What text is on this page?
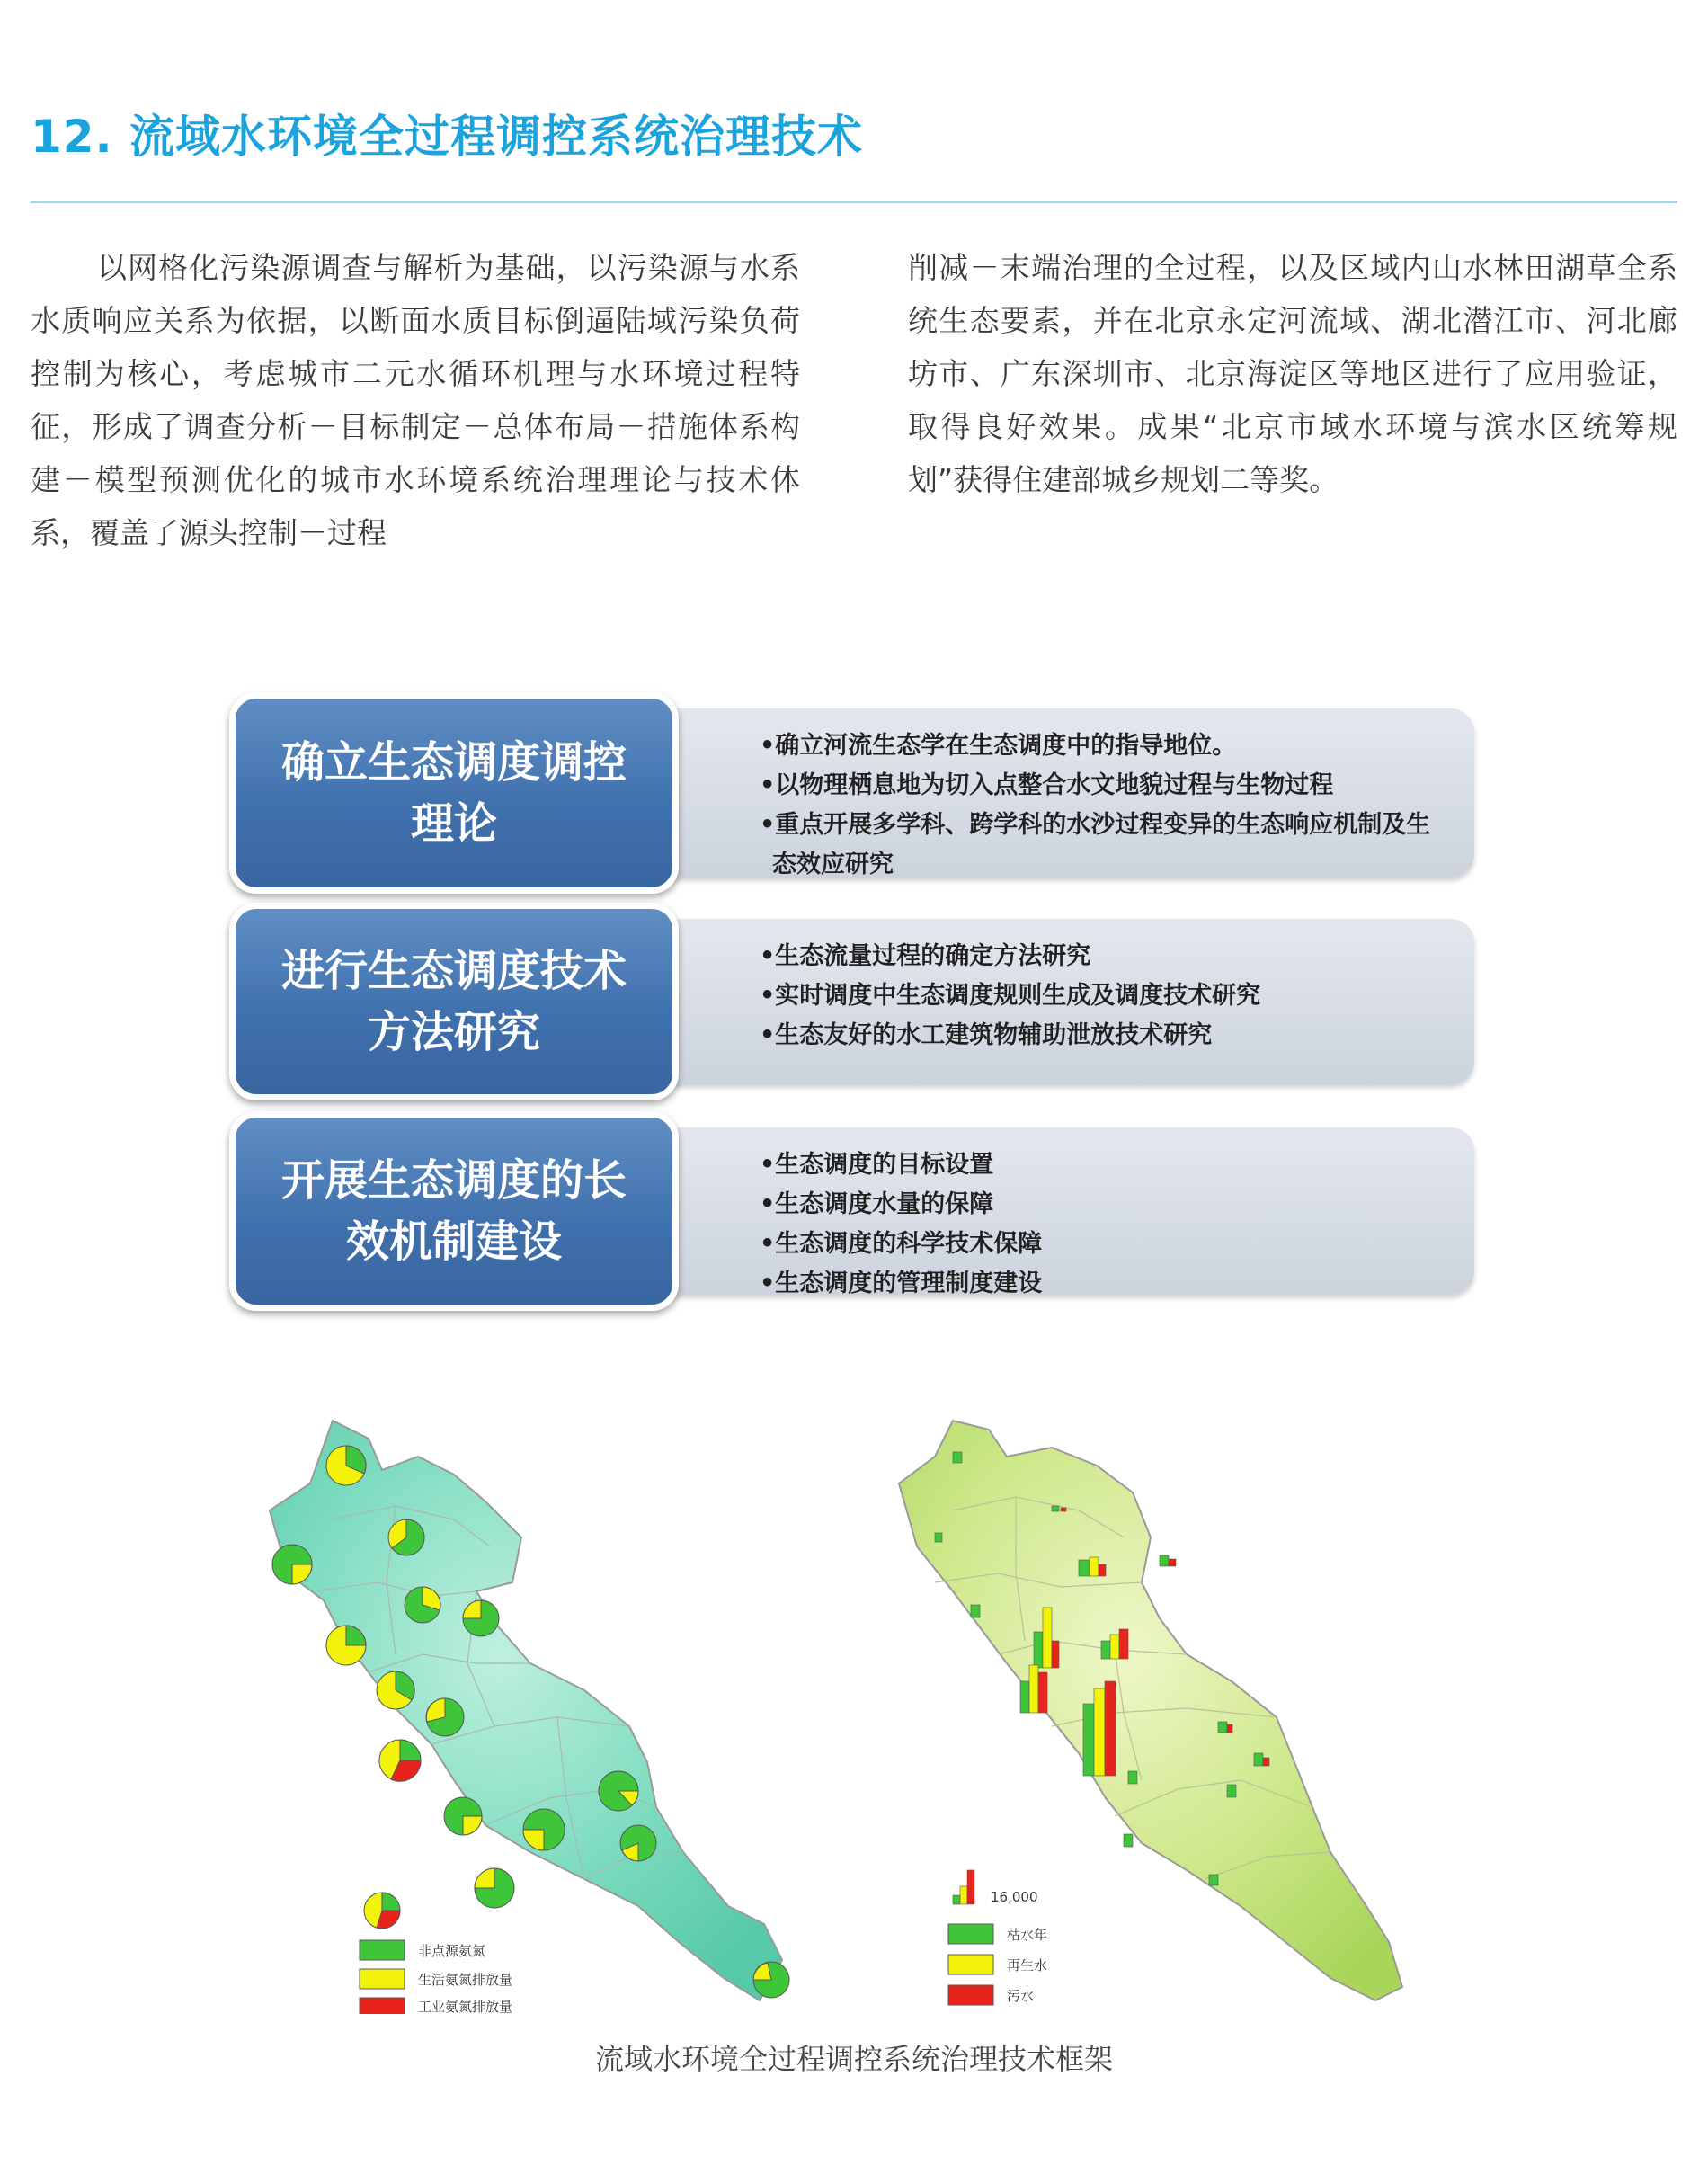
12. 流域水环境全过程调控系统治理技术

以网格化污染源调查与解析为基础，以污染源与水系水质响应关系为依据，以断面水质目标倒逼陆域污染负荷控制为核心，考虑城市二元水循环机理与水环境过程特征，形成了调查分析－目标制定－总体布局－措施体系构建－模型预测优化的城市水环境系统治理理论与技术体系，覆盖了源头控制－过程

削减－末端治理的全过程，以及区域内山水林田湖草全系统生态要素，并在北京永定河流域、湖北潜江市、河北廊坊市、广东深圳市、北京海淀区等地区进行了应用验证，取得良好效果。成果“北京市域水环境与滨水区统筹规划”获得住建部城乡规划二等奖。

•确立河流生态学在生态调度中的指导地位。
•以物理栖息地为切入点整合水文地貌过程与生物过程
•重点开展多学科、跨学科的水沙过程变异的生态响应机制及生态效应研究
确立生态调度调控理论
•生态流量过程的确定方法研究
•实时调度中生态调度规则生成及调度技术研究
•生态友好的水工建筑物辅助泄放技术研究
进行生态调度技术方法研究
•生态调度的目标设置
•生态调度水量的保障
•生态调度的科学技术保障
•生态调度的管理制度建设
开展生态调度的长效机制建设
非点源氨氮
生活氨氮排放量
工业氨氮排放量
16,000
枯水年
再生水
污水

流域水环境全过程调控系统治理技术框架
